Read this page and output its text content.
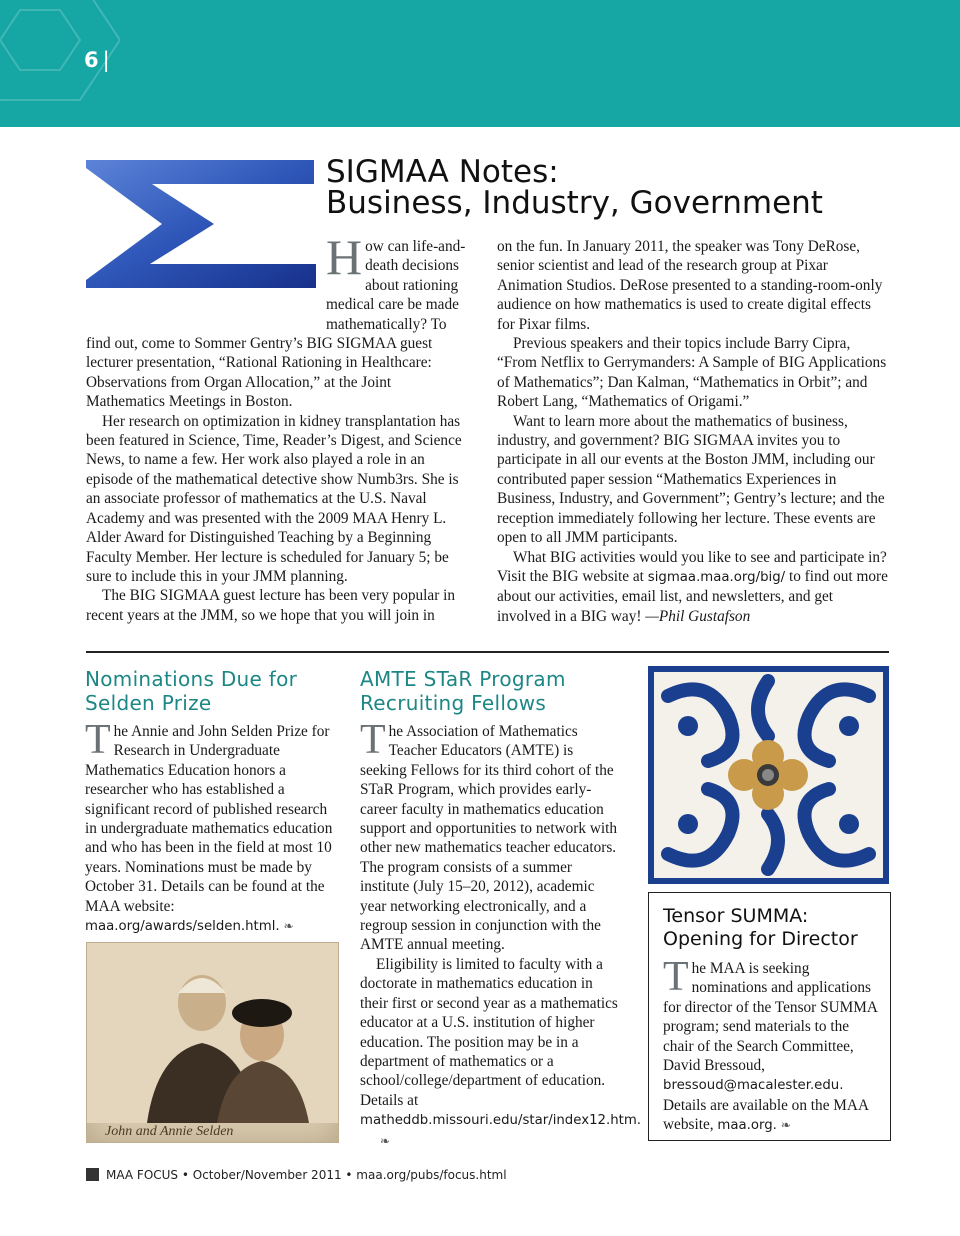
6 |
SIGMAA Notes:
Business, Industry, Government

How can life-and-death decisions about rationing medical care be made mathematically? To find out, come to Sommer Gentry’s BIG SIGMAA guest lecturer presentation, “Rational Rationing in Healthcare: Observations from Organ Allocation,” at the Joint Mathematics Meetings in Boston.

Her research on optimization in kidney transplantation has been featured in Science, Time, Reader’s Digest, and Science News, to name a few. Her work also played a role in an episode of the mathematical detective show Numb3rs. She is an associate professor of mathematics at the U.S. Naval Academy and was presented with the 2009 MAA Henry L. Alder Award for Distinguished Teaching by a Beginning Faculty Member. Her lecture is scheduled for January 5; be sure to include this in your JMM planning.

The BIG SIGMAA guest lecture has been very popular in recent years at the JMM, so we hope that you will join in

on the fun. In January 2011, the speaker was Tony DeRose, senior scientist and lead of the research group at Pixar Animation Studios. DeRose presented to a standing-room-only audience on how mathematics is used to create digital effects for Pixar films.

Previous speakers and their topics include Barry Cipra, “From Netflix to Gerrymanders: A Sample of BIG Applications of Mathematics”; Dan Kalman, “Mathematics in Orbit”; and Robert Lang, “Mathematics of Origami.”

Want to learn more about the mathematics of business, industry, and government? BIG SIGMAA invites you to participate in all our events at the Boston JMM, including our contributed paper session “Mathematics Experiences in Business, Industry, and Government”; Gentry’s lecture; and the reception immediately following her lecture. These events are open to all JMM participants.

What BIG activities would you like to see and participate in? Visit the BIG website at sigmaa.maa.org/big/ to find out more about our activities, email list, and newsletters, and get involved in a BIG way! —Phil Gustafson

Nominations Due for
Selden Prize

The Annie and John Selden Prize for Research in Undergraduate Mathematics Education honors a researcher who has established a significant record of published research in undergraduate mathematics education and who has been in the field at most 10 years. Nominations must be made by October 31. Details can be found at the MAA website: maa.org/awards/selden.html. ❧

John and Annie Selden
AMTE STaR Program
Recruiting Fellows

The Association of Mathematics Teacher Educators (AMTE) is seeking Fellows for its third cohort of the STaR Program, which provides early-career faculty in mathematics education support and opportunities to network with other new mathematics teacher educators. The program consists of a summer institute (July 15–20, 2012), academic year networking electronically, and a regroup session in conjunction with the AMTE annual meeting.

Eligibility is limited to faculty with a doctorate in mathematics education in their first or second year as a mathematics educator at a U.S. institution of higher education. The position may be in a department of mathematics or a school/college/department of education. Details at matheddb.missouri.edu/star/index12.htm.❧

Tensor SUMMA:
Opening for Director

The MAA is seeking nominations and applications for director of the Tensor SUMMA program; send materials to the chair of the Search Committee, David Bressoud, bressoud@macalester.edu. Details are available on the MAA website, maa.org. ❧

MAA FOCUS • October/November 2011 • maa.org/pubs/focus.html
